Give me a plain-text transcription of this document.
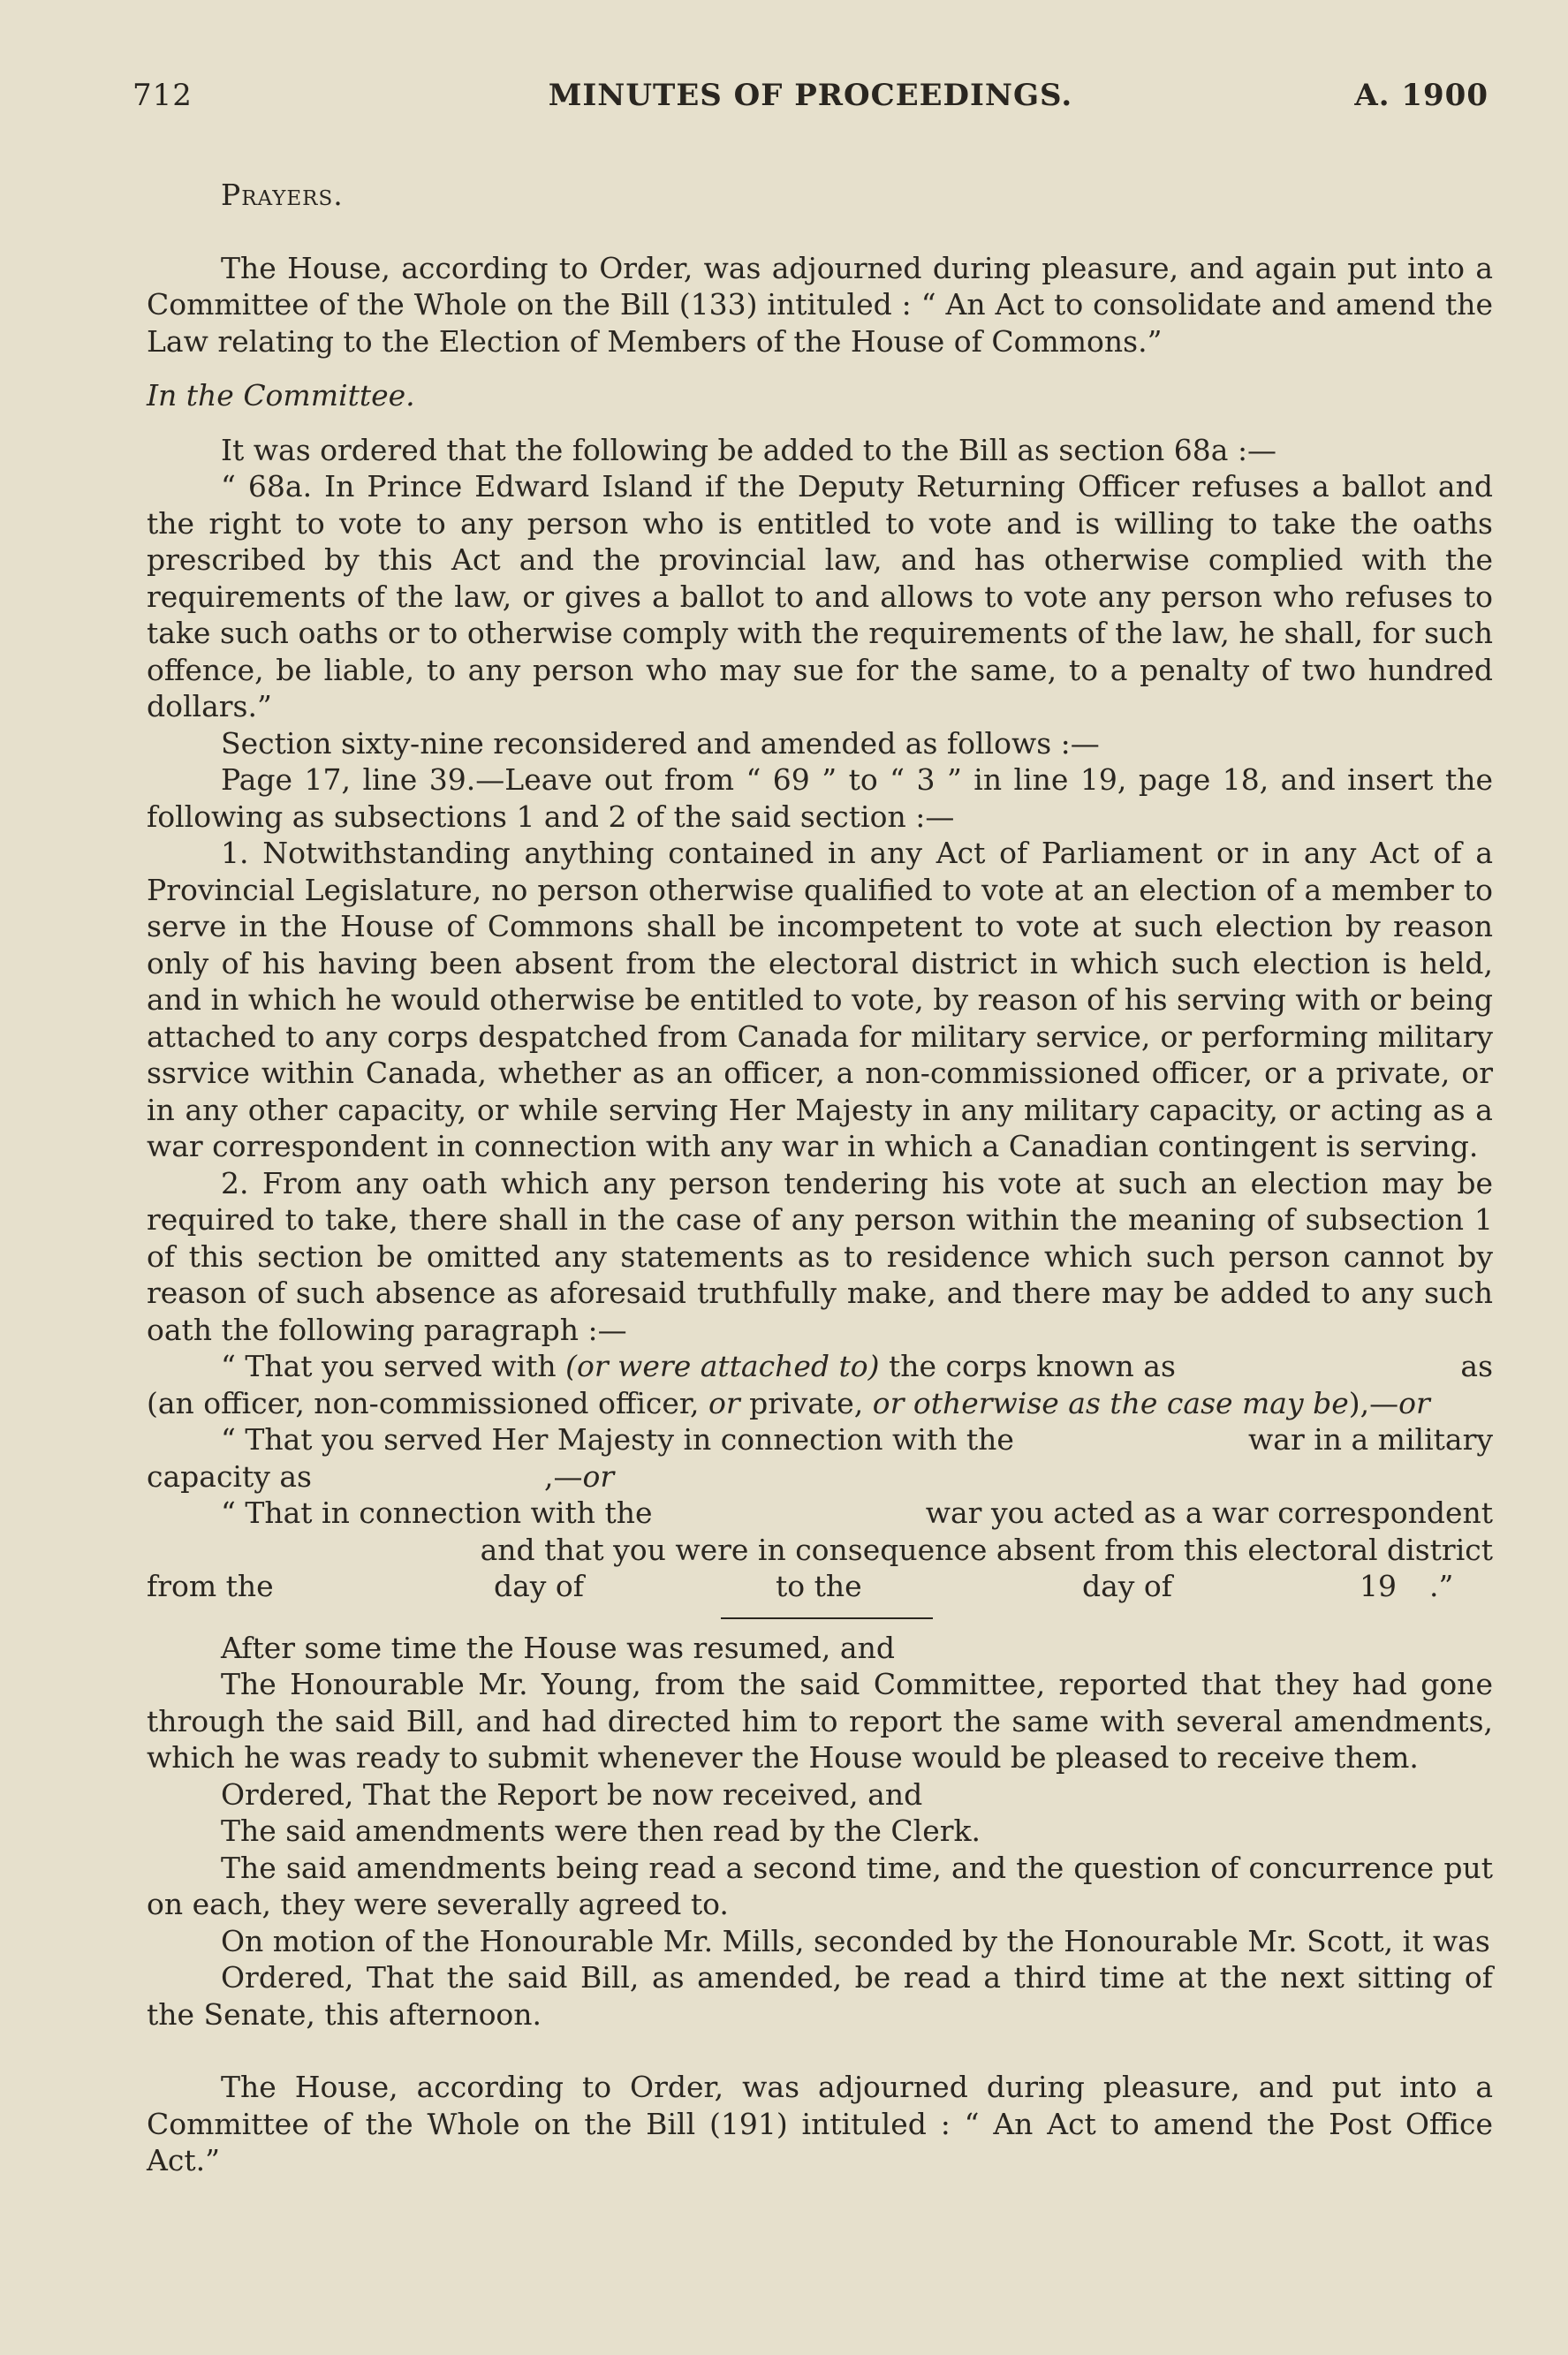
712	MINUTES OF PROCEEDINGS.	A. 1900

Prayers.

The House, according to Order, was adjourned during pleasure, and again put into a Committee of the Whole on the Bill (133) intituled : “ An Act to consolidate and amend the Law relating to the Election of Members of the House of Commons.”

In the Committee.

It was ordered that the following be added to the Bill as section 68a :—

“ 68a. In Prince Edward Island if the Deputy Returning Officer refuses a ballot and the right to vote to any person who is entitled to vote and is willing to take the oaths prescribed by this Act and the provincial law, and has otherwise complied with the requirements of the law, or gives a ballot to and allows to vote any person who refuses to take such oaths or to otherwise comply with the requirements of the law, he shall, for such offence, be liable, to any person who may sue for the same, to a penalty of two hundred dollars.”

Section sixty-nine reconsidered and amended as follows :—

Page 17, line 39.—Leave out from “ 69 ” to “ 3 ” in line 19, page 18, and insert the following as subsections 1 and 2 of the said section :—

1. Notwithstanding anything contained in any Act of Parliament or in any Act of a Provincial Legislature, no person otherwise qualified to vote at an election of a member to serve in the House of Commons shall be incompetent to vote at such election by reason only of his having been absent from the electoral district in which such election is held, and in which he would otherwise be entitled to vote, by reason of his serving with or being attached to any corps despatched from Canada for military service, or performing military ssrvice within Canada, whether as an officer, a non-commissioned officer, or a private, or in any other capacity, or while serving Her Majesty in any military capacity, or acting as a war correspondent in connection with any war in which a Canadian contingent is serving.

2. From any oath which any person tendering his vote at such an election may be required to take, there shall in the case of any person within the meaning of subsection 1 of this section be omitted any statements as to residence which such person cannot by reason of such absence as aforesaid truthfully make, and there may be added to any such oath the following paragraph :—

“ That you served with (or were attached to) the corps known as	as
(an officer, non-commissioned officer, or private, or otherwise as the case may be),—or
“ That you served Her Majesty in connection with the	war in a military
capacity as	,—or
“ That in connection with the	war you acted as a war correspondent
and that you were in consequence absent from this electoral district
from the	day of	to the	day of	19 .”

After some time the House was resumed, and

The Honourable Mr. Young, from the said Committee, reported that they had gone through the said Bill, and had directed him to report the same with several amendments, which he was ready to submit whenever the House would be pleased to receive them.

Ordered, That the Report be now received, and

The said amendments were then read by the Clerk.

The said amendments being read a second time, and the question of concurrence put on each, they were severally agreed to.

On motion of the Honourable Mr. Mills, seconded by the Honourable Mr. Scott, it was

Ordered, That the said Bill, as amended, be read a third time at the next sitting of the Senate, this afternoon.

The House, according to Order, was adjourned during pleasure, and put into a Committee of the Whole on the Bill (191) intituled : “ An Act to amend the Post Office Act.”
